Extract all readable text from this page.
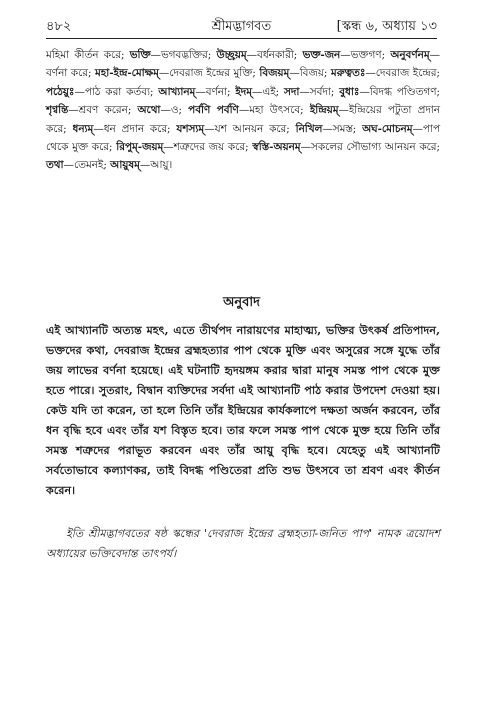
৪৮২	শ্রীমদ্ভাগবত	[স্কন্ধ ৬, অধ্যায় ১৩
মহিমা কীর্তন করে; ভক্তি—ভগবদ্ভক্তির; উচ্ছ্রয়ম্—বর্ধনকারী; ভক্ত-জন—ভক্তগণ; অনুবর্ণনম্—বর্ণনা করে; মহা-ইন্দ্র-মোক্ষম্—দেবরাজ ইন্দ্রের মুক্তি; বিজয়ম্—বিজয়; মরুত্বতঃ—দেবরাজ ইন্দ্রের; পঠেয়ুঃ—পাঠ করা কর্তব্য; আখ্যানম্—বর্ণনা; ইদম্—এই; সদা—সর্বদা; বুধাঃ—বিদগ্ধ পণ্ডিতগণ; শৃণ্বন্তি—শ্রবণ করেন; অথো—ও; পর্বণি পর্বণি—মহা উৎসবে; ইন্দ্রিয়ম্—ইন্দ্রিয়ের পটুতা প্রদান করে; ধন্যম্—ধন প্রদান করে; যশস্যম্—যশ আনয়ন করে; নিখিল—সমস্ত; অঘ-মোচনম্—পাপ থেকে মুক্ত করে; রিপুম্-জয়ম্—শত্রুদের জয় করে; স্বস্তি-অয়নম্—সকলের সৌভাগ্য আনয়ন করে; তথা—তেমনই; আয়ুষম্—আয়ু।
অনুবাদ
এই আখ্যানটি অত্যন্ত মহৎ, এতে তীর্থপদ নারায়ণের মাহাত্ম্য, ভক্তির উৎকর্ষ প্রতিপাদন, ভক্তদের কথা, দেবরাজ ইন্দ্রের ব্রহ্মহত্যার পাপ থেকে মুক্তি এবং অসুরের সঙ্গে যুদ্ধে তাঁর জয় লাভের বর্ণনা হয়েছে। এই ঘটনাটি হৃদয়ঙ্গম করার দ্বারা মানুষ সমস্ত পাপ থেকে মুক্ত হতে পারে। সুতরাং, বিদ্বান ব্যক্তিদের সর্বদা এই আখ্যানটি পাঠ করার উপদেশ দেওয়া হয়। কেউ যদি তা করেন, তা হলে তিনি তাঁর ইন্দ্রিয়ের কার্যকলাপে দক্ষতা অর্জন করবেন, তাঁর ধন বৃদ্ধি হবে এবং তাঁর যশ বিস্তৃত হবে। তার ফলে সমস্ত পাপ থেকে মুক্ত হয়ে তিনি তাঁর সমস্ত শত্রুদের পরাভূত করবেন এবং তাঁর আয়ু বৃদ্ধি হবে। যেহেতু এই আখ্যানটি সর্বতোভাবে কল্যাণকর, তাই বিদগ্ধ পণ্ডিতেরা প্রতি শুভ উৎসবে তা শ্রবণ এবং কীর্তন করেন।
ইতি শ্রীমদ্ভাগবতের ষষ্ঠ স্কন্ধের 'দেবরাজ ইন্দ্রের ব্রহ্মহত্যা-জনিত পাপ' নামক ত্রয়োদশ অধ্যায়ের ভক্তিবেদান্ত তাৎপর্য।
